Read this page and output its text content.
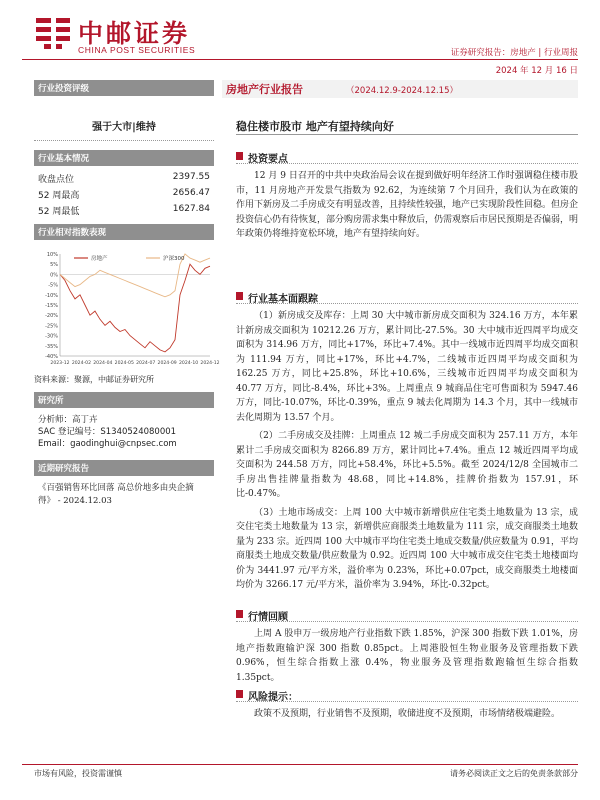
中邮证券
CHINA POST SECURITIES	证券研究报告：房地产 | 行业周报
2024 年 12 月 16 日
行业投资评级
强于大市|维持
行业基本情况
收盘点位	2397.55
52 周最高	2656.47
52 周最低	1627.84
行业相对指数表现
10%
5%
0%
-5%
-10%
-15%
-20%
-25%
-30%
-35%
-40%
2023-12 2024-02 2024-04 2024-05 2024-07 2024-09 2024-10 2024-12
房地产	沪深300
资料来源：聚源，中邮证券研究所
研究所
分析师：高丁卉
SAC 登记编号：S1340524080001
Email：gaodinghui@cnpsec.com
近期研究报告
《百强销售环比回落 高总价地多由央企摘得》 - 2024.12.03
房地产行业报告	（2024.12.9-2024.12.15）
稳住楼市股市 地产有望持续向好
投资要点
12 月 9 日召开的中共中央政治局会议在提到做好明年经济工作时强调稳住楼市股市，11 月房地产开发景气指数为 92.62，为连续第 7 个月回升，我们认为在政策的作用下新房及二手房成交有明显改善，且持续性较强，地产已实现阶段性回稳。但房企投资信心仍有待恢复，部分购房需求集中释放后，仍需观察后市居民预期是否偏弱，明年政策仍将维持宽松环境，地产有望持续向好。
行业基本面跟踪
（1）新房成交及库存：上周 30 大中城市新房成交面积为 324.16 万方，本年累计新房成交面积为 10212.26 万方，累计同比-27.5%。30 大中城市近四周平均成交面积为 314.96 万方，同比+17%，环比+7.4%。其中一线城市近四周平均成交面积为 111.94 万方，同比+17%，环比+4.7%，二线城市近四周平均成交面积为 162.25 万方，同比+25.8%，环比+10.6%，三线城市近四周平均成交面积为 40.77 万方，同比-8.4%，环比+3%。上周重点 9 城商品住宅可售面积为 5947.46 万方，同比-10.07%，环比-0.39%，重点 9 城去化周期为 14.3 个月，其中一线城市去化周期为 13.57 个月。
（2）二手房成交及挂牌：上周重点 12 城二手房成交面积为 257.11 万方，本年累计二手房成交面积为 8266.89 万方，累计同比+7.4%。重点 12 城近四周平均成交面积为 244.58 万方，同比+58.4%，环比+5.5%。截至 2024/12/8 全国城市二手房出售挂牌量指数为 48.68，同比+14.8%，挂牌价指数为 157.91，环比-0.47%。
（3）土地市场成交：上周 100 大中城市新增供应住宅类土地数量为 13 宗，成交住宅类土地数量为 13 宗，新增供应商服类土地数量为 111 宗，成交商服类土地数量为 233 宗。近四周 100 大中城市平均住宅类土地成交数量/供应数量为 0.91，平均商服类土地成交数量/供应数量为 0.92。近四周 100 大中城市成交住宅类土地楼面均价为 3441.97 元/平方米，溢价率为 0.23%，环比+0.07pct，成交商服类土地楼面均价为 3266.17 元/平方米，溢价率为 3.94%，环比-0.32pct。
行情回顾
上周 A 股申万一级房地产行业指数下跌 1.85%，沪深 300 指数下跌 1.01%，房地产指数跑输沪深 300 指数 0.85pct。上周港股恒生物业服务及管理指数下跌 0.96%，恒生综合指数上涨 0.4%，物业服务及管理指数跑输恒生综合指数 1.35pct。
风险提示：
政策不及预期，行业销售不及预期，收储进度不及预期，市场情绪极端避险。
市场有风险，投资需谨慎	请务必阅读正文之后的免责条款部分
